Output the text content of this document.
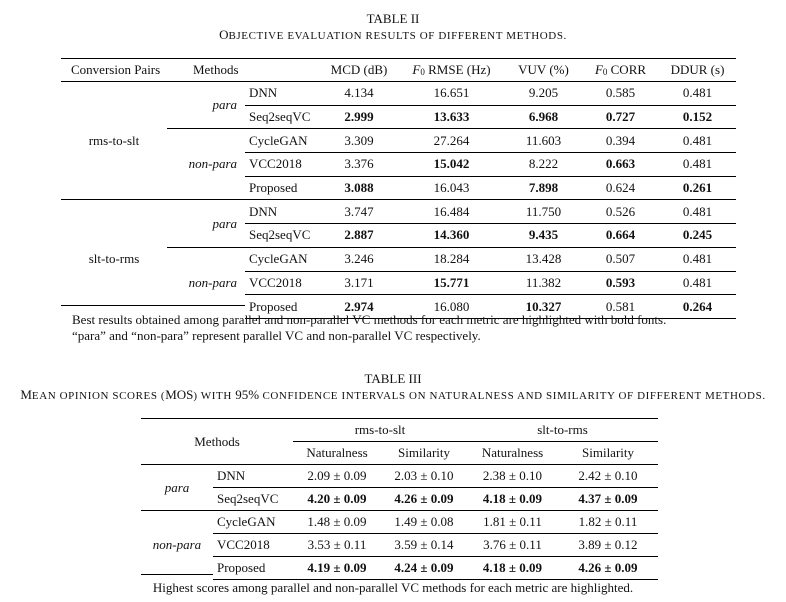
TABLE II
OBJECTIVE EVALUATION RESULTS OF DIFFERENT METHODS.
Conversion Pairs		Methods	MCD (dB)	F0 RMSE (Hz)	VUV (%)	F0 CORR	DDUR (s)
rms-to-slt	para	DNN	4.134	16.651	9.205	0.585	0.481
		Seq2seqVC	2.999	13.633	6.968	0.727	0.152
	non-para	CycleGAN	3.309	27.264	11.603	0.394	0.481
		VCC2018	3.376	15.042	8.222	0.663	0.481
		Proposed	3.088	16.043	7.898	0.624	0.261
slt-to-rms	para	DNN	3.747	16.484	11.750	0.526	0.481
		Seq2seqVC	2.887	14.360	9.435	0.664	0.245
	non-para	CycleGAN	3.246	18.284	13.428	0.507	0.481
		VCC2018	3.171	15.771	11.382	0.593	0.481
		Proposed	2.974	16.080	10.327	0.581	0.264
Best results obtained among parallel and non-parallel VC methods for each metric are highlighted with bold fonts.
“para” and “non-para” represent parallel VC and non-parallel VC respectively.
TABLE III
MEAN OPINION SCORES (MOS) WITH 95% CONFIDENCE INTERVALS ON NATURALNESS AND SIMILARITY OF DIFFERENT METHODS.
Methods		rms-to-slt		slt-to-rms	
		Naturalness	Similarity	Naturalness	Similarity
para	DNN	2.09 ± 0.09	2.03 ± 0.10	2.38 ± 0.10	2.42 ± 0.10
	Seq2seqVC	4.20 ± 0.09	4.26 ± 0.09	4.18 ± 0.09	4.37 ± 0.09
non-para	CycleGAN	1.48 ± 0.09	1.49 ± 0.08	1.81 ± 0.11	1.82 ± 0.11
	VCC2018	3.53 ± 0.11	3.59 ± 0.14	3.76 ± 0.11	3.89 ± 0.12
	Proposed	4.19 ± 0.09	4.24 ± 0.09	4.18 ± 0.09	4.26 ± 0.09
Highest scores among parallel and non-parallel VC methods for each metric are highlighted.
